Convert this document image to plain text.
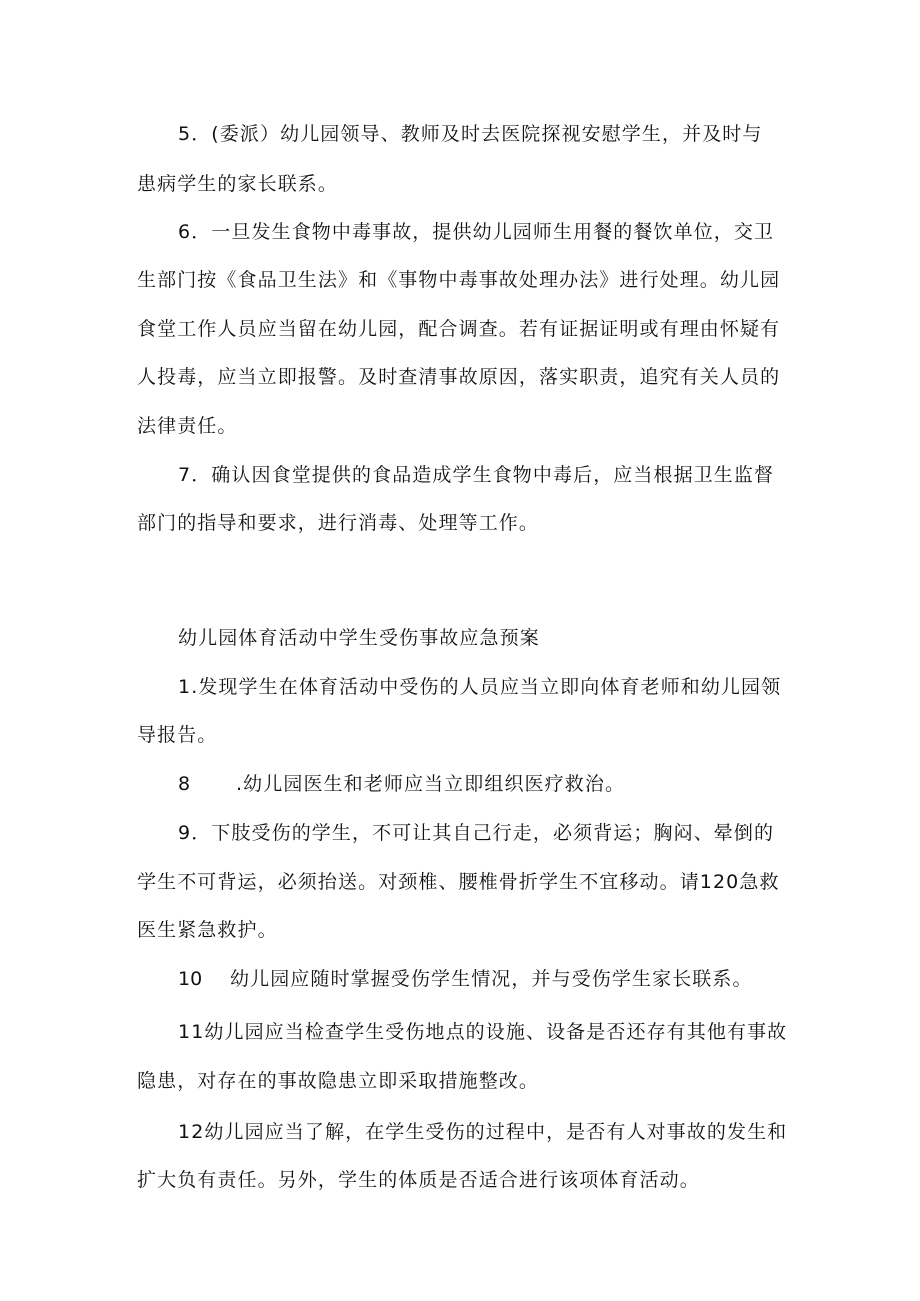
5．(委派）幼儿园领导、教师及时去医院探视安慰学生，并及时与
患病学生的家长联系。
6．一旦发生食物中毒事故，提供幼儿园师生用餐的餐饮单位，交卫
生部门按《食品卫生法》和《事物中毒事故处理办法》进行处理。幼儿园
食堂工作人员应当留在幼儿园，配合调查。若有证据证明或有理由怀疑有
人投毒，应当立即报警。及时查清事故原因，落实职责，追究有关人员的
法律责任。
7．确认因食堂提供的食品造成学生食物中毒后，应当根据卫生监督
部门的指导和要求，进行消毒、处理等工作。
幼儿园体育活动中学生受伤事故应急预案
1.发现学生在体育活动中受伤的人员应当立即向体育老师和幼儿园领
导报告。
8 .幼儿园医生和老师应当立即组织医疗救治。
9．下肢受伤的学生，不可让其自己行走，必须背运；胸闷、晕倒的
学生不可背运，必须抬送。对颈椎、腰椎骨折学生不宜移动。请120急救
医生紧急救护。
10 幼儿园应随时掌握受伤学生情况，并与受伤学生家长联系。
11幼儿园应当检查学生受伤地点的设施、设备是否还存有其他有事故
隐患，对存在的事故隐患立即采取措施整改。
12幼儿园应当了解，在学生受伤的过程中，是否有人对事故的发生和
扩大负有责任。另外，学生的体质是否适合进行该项体育活动。
